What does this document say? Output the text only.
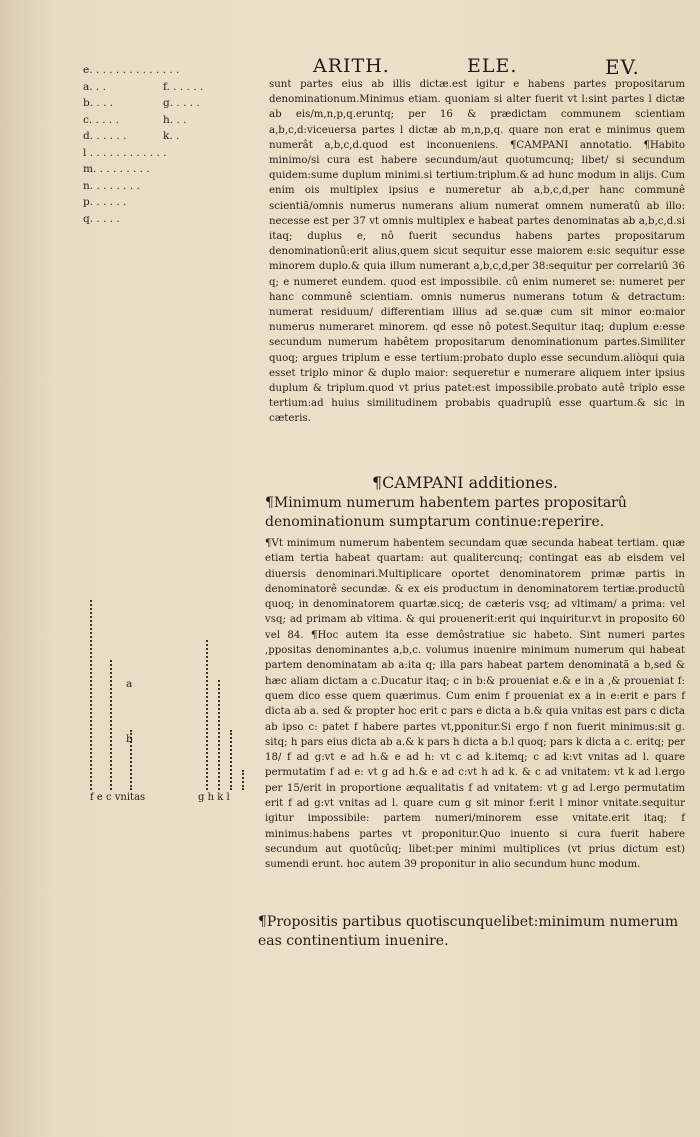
ARITH.	ELE.	EV.
e. . . . . . . . . . . . . .
a. . .	f. . . . . .
b. . . .	g. . . . .
c. . . . .	h. . .
d. . . . . .	k. .
l . . . . . . . . . . . .
m. . . . . . . . .
n. . . . . . . .
p. . . . . .
q. . . . .

sunt partes eius ab illis dictæ.est igitur e habens partes propositarum denominationum.Minimus etiam. quoniam si alter fuerit vt l:sint partes l dictæ ab eis/m,n,p,q.eruntq; per 16 & prædictam communem scientiam a,b,c,d:viceuersa partes l dictæ ab m,n,p,q. quare non erat e minimus quem numerât a,b,c,d.quod est inconueniens. ¶CAMPANI annotatio. ¶Habito minimo/si cura est habere secundum/aut quotumcunq; libet/ si secundum quidem:sume duplum minimi.si tertium:triplum.& ad hunc modum in alijs. Cum enim ois multiplex ipsius e numeretur ab a,b,c,d,per hanc communê scientiã/omnis numerus numerans alium numerat omnem numeratû ab illo: necesse est per 37 vt omnis multiplex e habeat partes denominatas ab a,b,c,d.si itaq; duplus e, nô fuerit secundus habens partes propositarum denominationû:erit alius,quem sicut sequitur esse maiorem e:sic sequitur esse minorem duplo.& quia illum numerant a,b,c,d,per 38:sequitur per correlariû 36 q; e numeret eundem. quod est impossibile. cû enim numeret se: numeret per hanc communê scientiam. omnis numerus numerans totum & detractum: numerat residuum/ differentiam illius ad se.quæ cum sit minor eo:maior numerus numeraret minorem. qd esse nô potest.Sequitur itaq; duplum e:esse secundum numerum habêtem propositarum denominationum partes.Similiter quoq; argues triplum e esse tertium:probato duplo esse secundum.aliòqui quia esset triplo minor & duplo maior: sequeretur e numerare aliquem inter ipsius duplum & triplum.quod vt prius patet:est impossibile.probato autê triplo esse tertium:ad huius similitudinem probabis quadruplû esse quartum.& sic in cæteris.

¶CAMPANI additiones.
¶Minimum numerum habentem partes propositarû denominationum sumptarum continue:reperire.
¶Vt minimum numerum habentem secundam quæ secunda habeat tertiam. quæ etiam tertia habeat quartam: aut qualitercunq; contingat eas ab eisdem vel diuersis denominari.Multiplicare oportet denominatorem primæ partis in denominatorê secundæ. & ex eis productum in denominatorem tertiæ.productû quoq; in denominatorem quartæ.sicq; de cæteris vsq; ad vltimam/ a prima: vel vsq; ad primam ab vltima. & qui prouenerit:erit qui inquiritur.vt in proposito 60 vel 84. ¶Hoc autem ita esse demôstratiue sic habeto. Sint numeri partes ,ppositas denominantes a,b,c. volumus inuenire minimum numerum qui habeat partem denominatam ab a:ita q; illa pars habeat partem denominatã a b,sed & hæc aliam dictam a c.Ducatur itaq; c in b:& proueniat e.& e in a ,& proueniat f: quem dico esse quem quærimus. Cum enim f proueniat ex a in e:erit e pars f dicta ab a. sed & propter hoc erit c pars e dicta a b.& quia vnitas est pars c dicta ab ipso c: patet f habere partes vt,pponitur.Si ergo f non fuerit minimus:sit g. sitq; h pars eius dicta ab a.& k pars h dicta a b.l quoq; pars k dicta a c. eritq; per 18/ f ad g:vt e ad h.& e ad h: vt c ad k.itemq; c ad k:vt vnitas ad l. quare permutatim f ad e: vt g ad h.& e ad c:vt h ad k. & c ad vnitatem: vt k ad l.ergo per 15/erit in proportione æqualitatis f ad vnitatem: vt g ad l.ergo permutatim erit f ad g:vt vnitas ad l. quare cum g sit minor f:erit l minor vnitate.sequitur igitur impossibile: partem numeri/minorem esse vnitate.erit itaq; f minimus:habens partes vt proponitur.Quo inuento si cura fuerit habere secundum aut quotûcûq; libet:per minimi multiplices (vt prius dictum est) sumendi erunt. hoc autem 39 proponitur in alio secundum hunc modum.
¶Propositis partibus quotiscunquelibet:minimum numerum eas continentium inuenire.
a
b
f e c vnitas	g h k l
